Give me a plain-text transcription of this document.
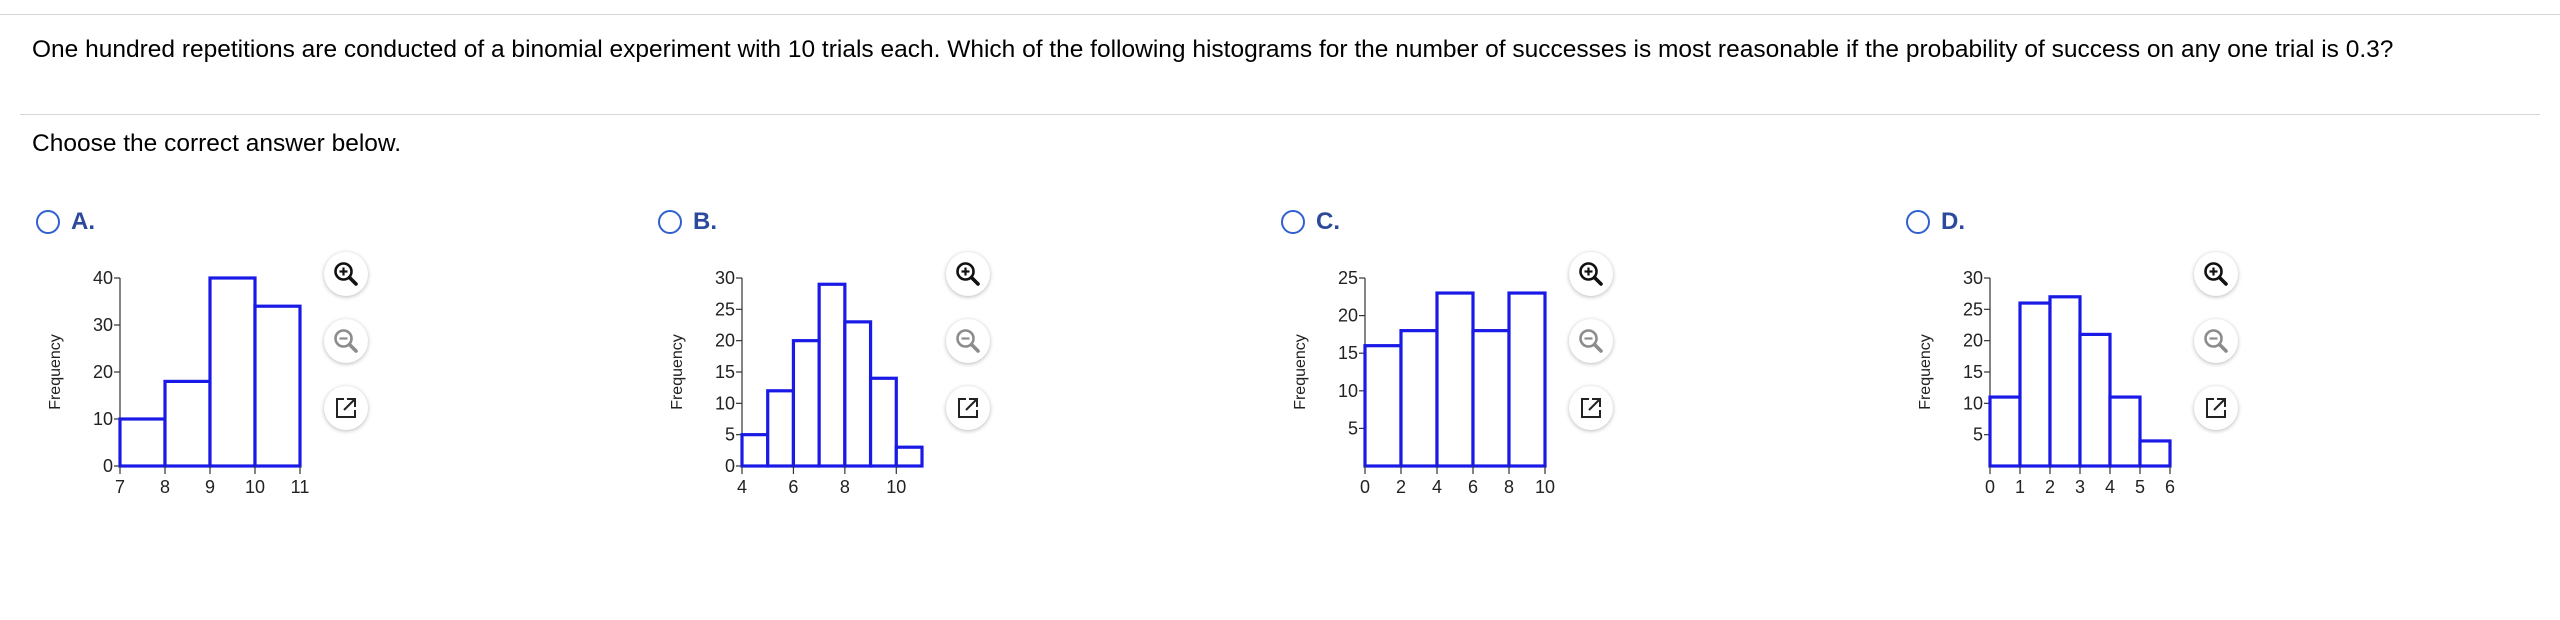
One hundred repetitions are conducted of a binomial experiment with 10 trials each. Which of the following histograms for the number of successes is most reasonable if the probability of success on any one trial is 0.3?

Choose the correct answer below.

A.
0
10
20
30
40
Frequency
7 8 9 10 11
B.
0
5
10
15
20
25
30
Frequency
4 6 8 10
C.
5
10
15
20
25
Frequency
0 2 4 6 8 10
D.
5
10
15
20
25
30
Frequency
0 1 2 3 4 5 6
